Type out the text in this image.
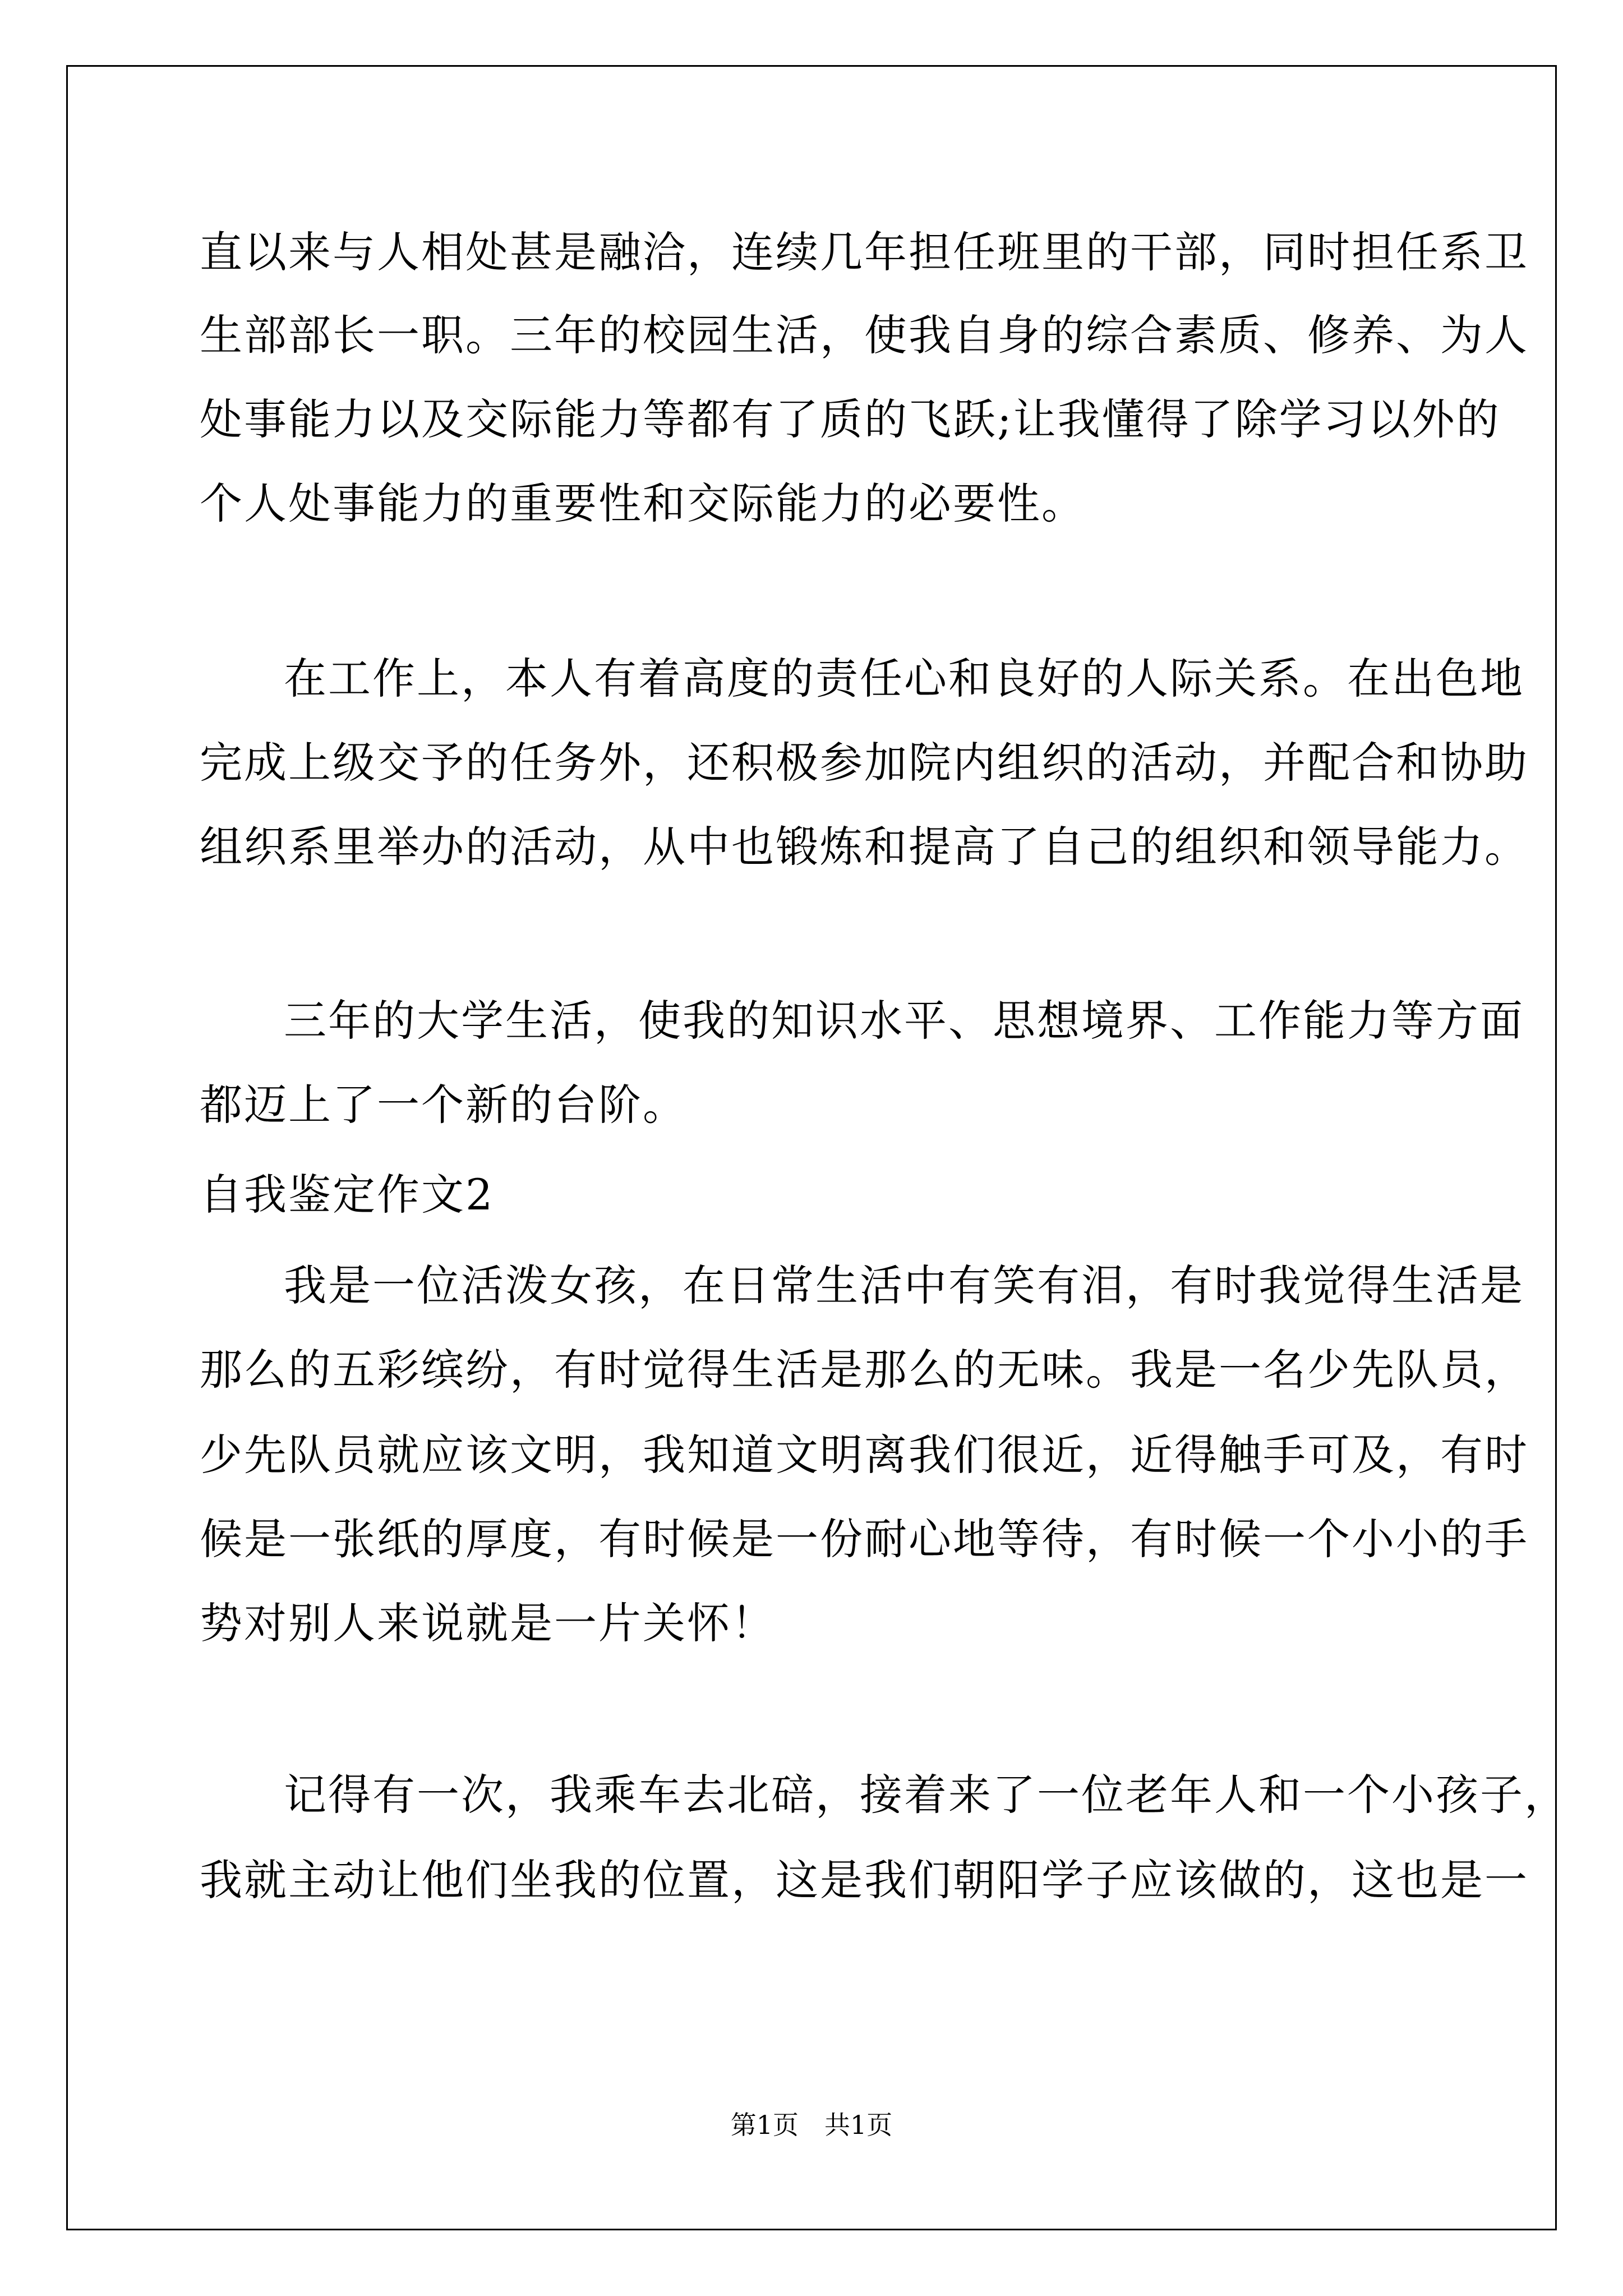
直以来与人相处甚是融洽，连续几年担任班里的干部，同时担任系卫
生部部长一职。三年的校园生活，使我自身的综合素质、修养、为人
处事能力以及交际能力等都有了质的飞跃;让我懂得了除学习以外的
个人处事能力的重要性和交际能力的必要性。
在工作上，本人有着高度的责任心和良好的人际关系。在出色地
完成上级交予的任务外，还积极参加院内组织的活动，并配合和协助
组织系里举办的活动，从中也锻炼和提高了自己的组织和领导能力。
三年的大学生活，使我的知识水平、思想境界、工作能力等方面
都迈上了一个新的台阶。
自我鉴定作文2
我是一位活泼女孩，在日常生活中有笑有泪，有时我觉得生活是
那么的五彩缤纷，有时觉得生活是那么的无味。我是一名少先队员，
少先队员就应该文明，我知道文明离我们很近，近得触手可及，有时
候是一张纸的厚度，有时候是一份耐心地等待，有时候一个小小的手
势对别人来说就是一片关怀！
记得有一次，我乘车去北碚，接着来了一位老年人和一个小孩子，
我就主动让他们坐我的位置，这是我们朝阳学子应该做的，这也是一
第1页 共1页
